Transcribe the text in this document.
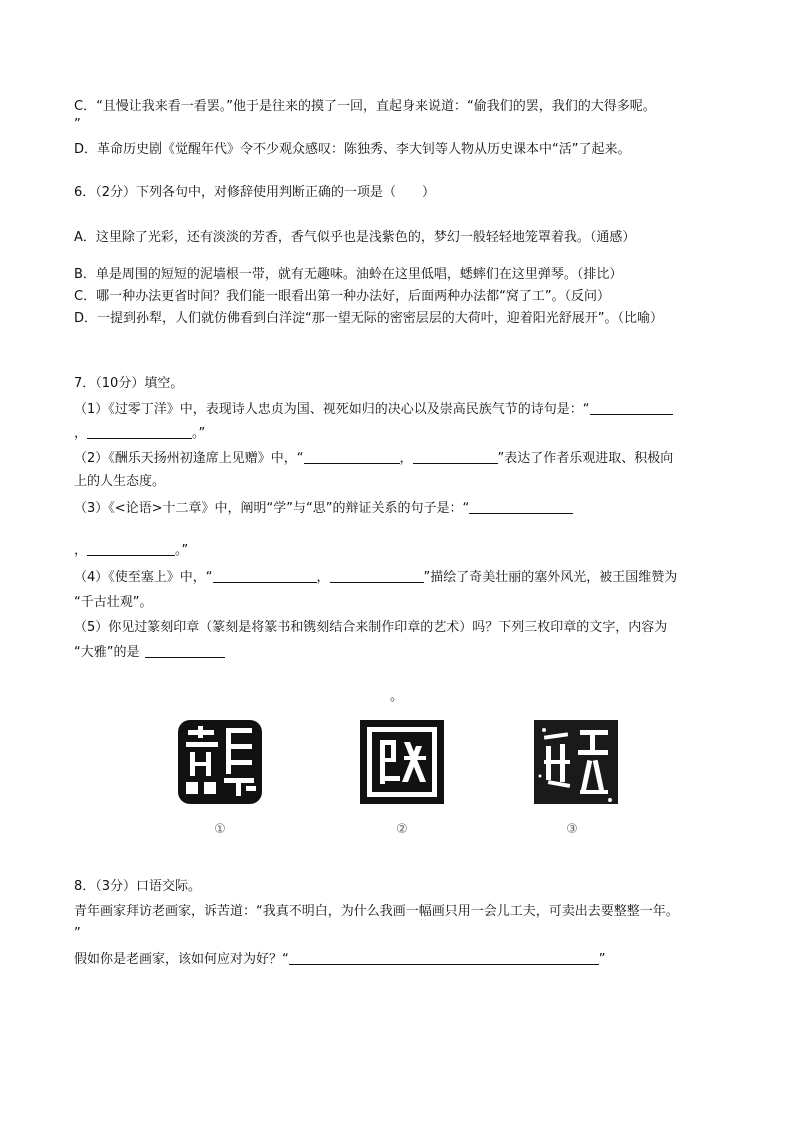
C．“且慢让我来看一看罢。”他于是往来的摸了一回，直起身来说道：“偷我们的罢，我们的大得多呢。
”
D．革命历史剧《觉醒年代》令不少观众感叹：陈独秀、李大钊等人物从历史课本中“活”了起来。
6．（2分）下列各句中，对修辞使用判断正确的一项是（　　）
A．这里除了光彩，还有淡淡的芳香，香气似乎也是浅紫色的，梦幻一般轻轻地笼罩着我。（通感）
B．单是周围的短短的泥墙根一带，就有无趣味。油蛉在这里低唱，蟋蟀们在这里弹琴。（排比）
C．哪一种办法更省时间？我们能一眼看出第一种办法好，后面两种办法都“窝了工”。（反问）
D．一提到孙犁，人们就仿佛看到白洋淀“那一望无际的密密层层的大荷叶，迎着阳光舒展开”。（比喻）
7．（10分）填空。
（1）《过零丁洋》中，表现诗人忠贞为国、视死如归的决心以及崇高民族气节的诗句是：“
，	。”
（2）《酬乐天扬州初逢席上见赠》中，“	，	”表达了作者乐观进取、积极向
上的人生态度。
（3）《<论语>十二章》中，阐明“学”与“思”的辩证关系的句子是：“
，	。”
（4）《使至塞上》中，“	，	”描绘了奇美壮丽的塞外风光，被王国维赞为
“千古壮观”。
（5）你见过篆刻印章（篆刻是将篆书和镌刻结合来制作印章的艺术）吗？下列三枚印章的文字，内容为
“大雅”的是
。
①	②	③
8．（3分）口语交际。
青年画家拜访老画家，诉苦道：“我真不明白，为什么我画一幅画只用一会儿工夫，可卖出去要整整一年。
”
假如你是老画家，该如何应对为好？“	”
